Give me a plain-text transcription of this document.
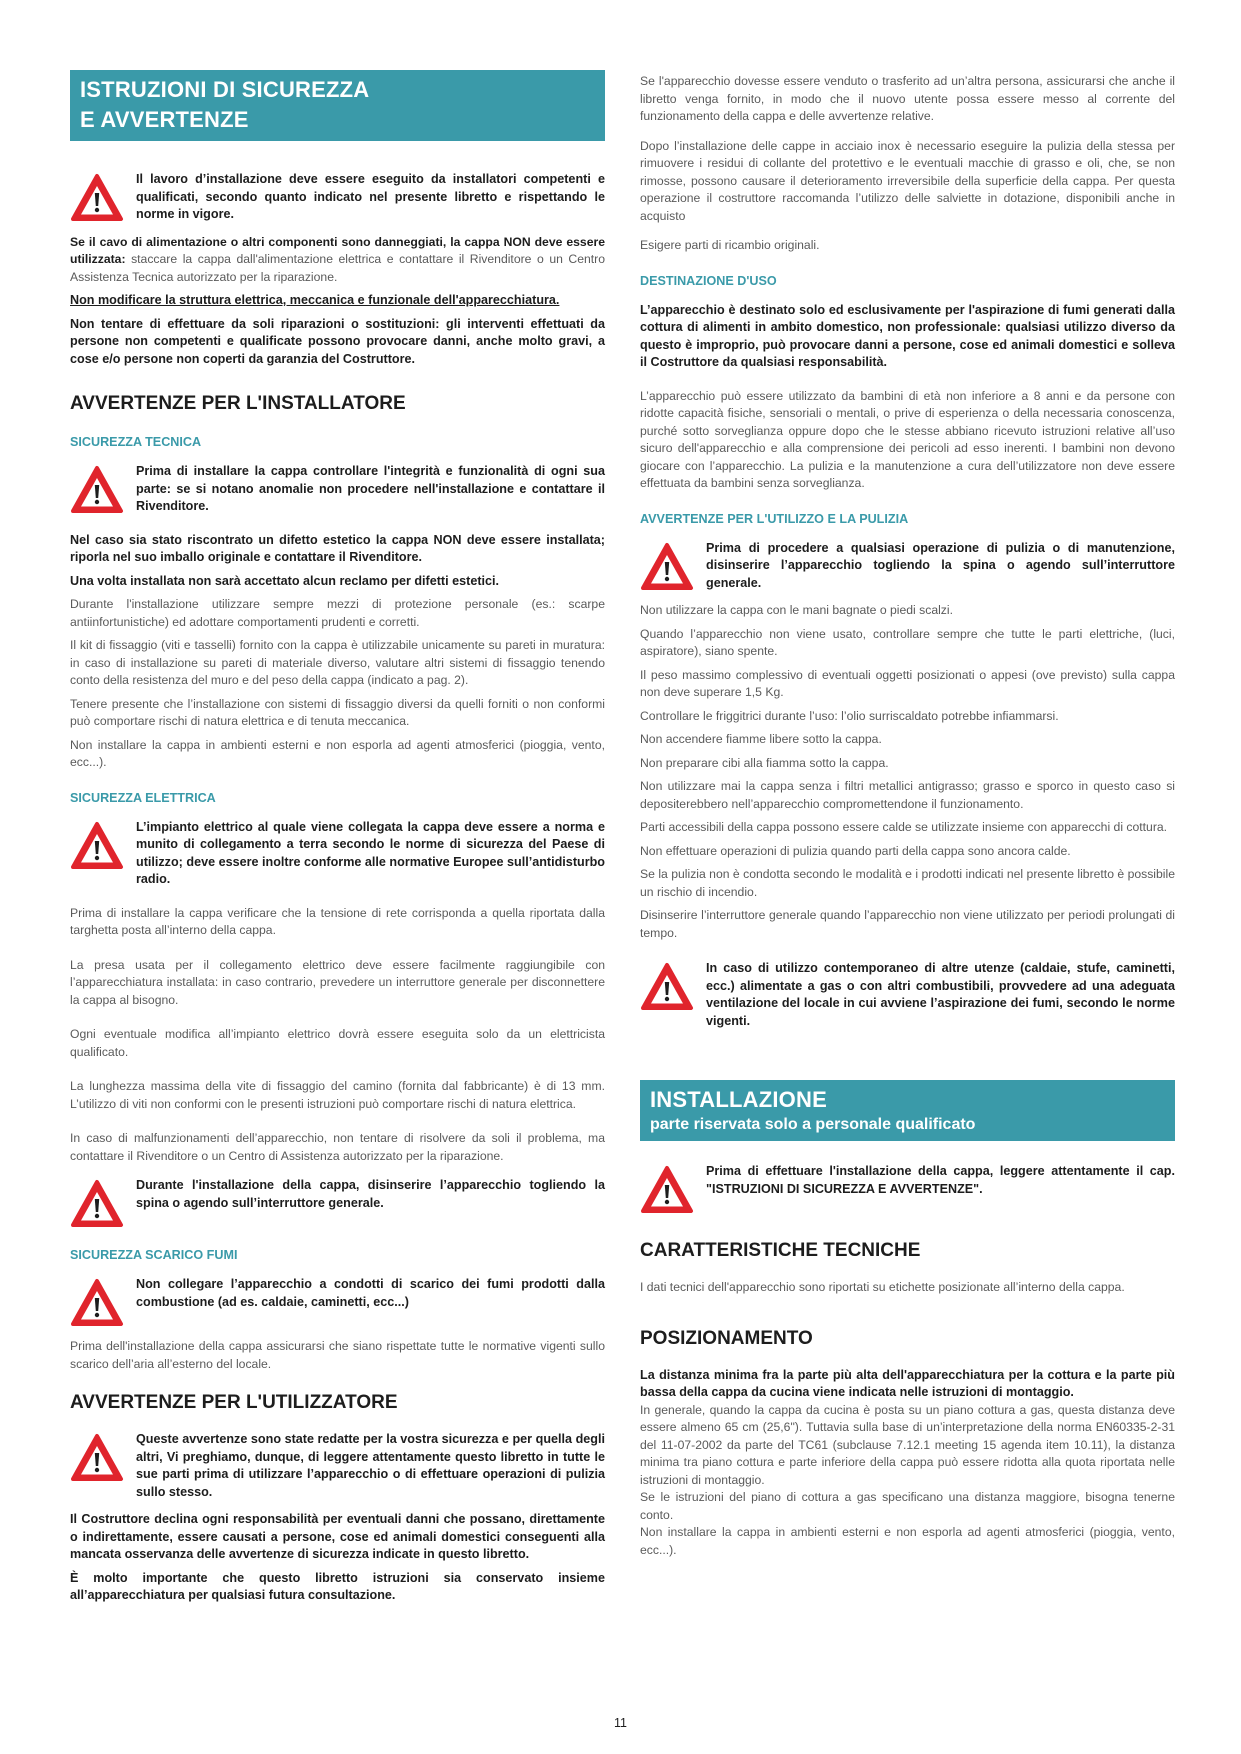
ISTRUZIONI DI SICUREZZA
E AVVERTENZE
Il lavoro d’installazione deve essere eseguito da installatori competenti e qualificati, secondo quanto indicato nel presente libretto e rispettando le norme in vigore.

Se il cavo di alimentazione o altri componenti sono danneggiati, la cappa NON deve essere utilizzata: staccare la cappa dall'alimentazione elettrica e contattare il Rivenditore o un Centro Assistenza Tecnica autorizzato per la riparazione.

Non modificare la struttura elettrica, meccanica e funzionale dell'apparecchiatura.

Non tentare di effettuare da soli riparazioni o sostituzioni: gli interventi effettuati da persone non competenti e qualificate possono provocare danni, anche molto gravi, a cose e/o persone non coperti da garanzia del Costruttore.

AVVERTENZE PER L'INSTALLATORE
SICUREZZA TECNICA
Prima di installare la cappa controllare l'integrità e funzionalità di ogni sua parte: se si notano anomalie non procedere nell'installazione e contattare il Rivenditore.

Nel caso sia stato riscontrato un difetto estetico la cappa NON deve essere installata; riporla nel suo imballo originale e contattare il Rivenditore.

Una volta installata non sarà accettato alcun reclamo per difetti estetici.

Durante l'installazione utilizzare sempre mezzi di protezione personale (es.: scarpe antiinfortunistiche) ed adottare comportamenti prudenti e corretti.

Il kit di fissaggio (viti e tasselli) fornito con la cappa è utilizzabile unicamente su pareti in muratura: in caso di installazione su pareti di materiale diverso, valutare altri sistemi di fissaggio tenendo conto della resistenza del muro e del peso della cappa (indicato a pag. 2).

Tenere presente che l’installazione con sistemi di fissaggio diversi da quelli forniti o non conformi può comportare rischi di natura elettrica e di tenuta meccanica.

Non installare la cappa in ambienti esterni e non esporla ad agenti atmosferici (pioggia, vento, ecc...).

SICUREZZA ELETTRICA
L’impianto elettrico al quale viene collegata la cappa deve essere a norma e munito di collegamento a terra secondo le norme di sicurezza del Paese di utilizzo; deve essere inoltre conforme alle normative Europee sull’antidisturbo radio.

Prima di installare la cappa verificare che la tensione di rete corrisponda a quella riportata dalla targhetta posta all’interno della cappa.

La presa usata per il collegamento elettrico deve essere facilmente raggiungibile con l’apparecchiatura installata: in caso contrario, prevedere un interruttore generale per disconnettere la cappa al bisogno.

Ogni eventuale modifica all’impianto elettrico dovrà essere eseguita solo da un elettricista qualificato.

La lunghezza massima della vite di fissaggio del camino (fornita dal fabbricante) è di 13 mm. L’utilizzo di viti non conformi con le presenti istruzioni può comportare rischi di natura elettrica.

In caso di malfunzionamenti dell’apparecchio, non tentare di risolvere da soli il problema, ma contattare il Rivenditore o un Centro di Assistenza autorizzato per la riparazione.

Durante l'installazione della cappa, disinserire l’apparecchio togliendo la spina o agendo sull’interruttore generale.
SICUREZZA SCARICO FUMI
Non collegare l’apparecchio a condotti di scarico dei fumi prodotti dalla combustione (ad es. caldaie, caminetti, ecc...)

Prima dell'installazione della cappa assicurarsi che siano rispettate tutte le normative vigenti sullo scarico dell’aria all’esterno del locale.

AVVERTENZE PER L'UTILIZZATORE
Queste avvertenze sono state redatte per la vostra sicurezza e per quella degli altri, Vi preghiamo, dunque, di leggere attentamente questo libretto in tutte le sue parti prima di utilizzare l’apparecchio o di effettuare operazioni di pulizia sullo stesso.

Il Costruttore declina ogni responsabilità per eventuali danni che possano, direttamente o indirettamente, essere causati a persone, cose ed animali domestici conseguenti alla mancata osservanza delle avvertenze di sicurezza indicate in questo libretto.

È molto importante che questo libretto istruzioni sia conservato insieme all’apparecchiatura per qualsiasi futura consultazione.

Se l'apparecchio dovesse essere venduto o trasferito ad un’altra persona, assicurarsi che anche il libretto venga fornito, in modo che il nuovo utente possa essere messo al corrente del funzionamento della cappa e delle avvertenze relative.

Dopo l’installazione delle cappe in acciaio inox è necessario eseguire la pulizia della stessa per rimuovere i residui di collante del protettivo e le eventuali macchie di grasso e oli, che, se non rimosse, possono causare il deterioramento irreversibile della superficie della cappa. Per questa operazione il costruttore raccomanda l’utilizzo delle salviette in dotazione, disponibili anche in acquisto

Esigere parti di ricambio originali.

DESTINAZIONE D'USO

L’apparecchio è destinato solo ed esclusivamente per l'aspirazione di fumi generati dalla cottura di alimenti in ambito domestico, non professionale: qualsiasi utilizzo diverso da questo è improprio, può provocare danni a persone, cose ed animali domestici e solleva il Costruttore da qualsiasi responsabilità.

L’apparecchio può essere utilizzato da bambini di età non inferiore a 8 anni e da persone con ridotte capacità fisiche, sensoriali o mentali, o prive di esperienza o della necessaria conoscenza, purché sotto sorveglianza oppure dopo che le stesse abbiano ricevuto istruzioni relative all’uso sicuro dell'apparecchio e alla comprensione dei pericoli ad esso inerenti. I bambini non devono giocare con l’apparecchio. La pulizia e la manutenzione a cura dell’utilizzatore non deve essere effettuata da bambini senza sorveglianza.

AVVERTENZE PER L'UTILIZZO E LA PULIZIA
Prima di procedere a qualsiasi operazione di pulizia o di manutenzione, disinserire l’apparecchio togliendo la spina o agendo sull’interruttore generale.

Non utilizzare la cappa con le mani bagnate o piedi scalzi.

Quando l’apparecchio non viene usato, controllare sempre che tutte le parti elettriche, (luci, aspiratore), siano spente.

Il peso massimo complessivo di eventuali oggetti posizionati o appesi (ove previsto) sulla cappa non deve superare 1,5 Kg.

Controllare le friggitrici durante l’uso: l’olio surriscaldato potrebbe infiammarsi.

Non accendere fiamme libere sotto la cappa.

Non preparare cibi alla fiamma sotto la cappa.

Non utilizzare mai la cappa senza i filtri metallici antigrasso; grasso e sporco in questo caso si depositerebbero nell’apparecchio compromettendone il funzionamento.

Parti accessibili della cappa possono essere calde se utilizzate insieme con apparecchi di cottura.

Non effettuare operazioni di pulizia quando parti della cappa sono ancora calde.

Se la pulizia non è condotta secondo le modalità e i prodotti indicati nel presente libretto è possibile un rischio di incendio.

Disinserire l’interruttore generale quando l’apparecchio non viene utilizzato per periodi prolungati di tempo.

In caso di utilizzo contemporaneo di altre utenze (caldaie, stufe, caminetti, ecc.) alimentate a gas o con altri combustibili, provvedere ad una adeguata ventilazione del locale in cui avviene l’aspirazione dei fumi, secondo le norme vigenti.
INSTALLAZIONE
parte riservata solo a personale qualificato
Prima di effettuare l'installazione della cappa, leggere attentamente il cap. "ISTRUZIONI DI SICUREZZA E AVVERTENZE".
CARATTERISTICHE TECNICHE

I dati tecnici dell'apparecchio sono riportati su etichette posizionate all’interno della cappa.

POSIZIONAMENTO

La distanza minima fra la parte più alta dell'apparecchiatura per la cottura e la parte più bassa della cappa da cucina viene indicata nelle istruzioni di montaggio.

In generale, quando la cappa da cucina è posta su un piano cottura a gas, questa distanza deve essere almeno 65 cm (25,6"). Tuttavia sulla base di un’interpretazione della norma EN60335-2-31 del 11-07-2002 da parte del TC61 (subclause 7.12.1 meeting 15 agenda item 10.11), la distanza minima tra piano cottura e parte inferiore della cappa può essere ridotta alla quota riportata nelle istruzioni di montaggio.

Se le istruzioni del piano di cottura a gas specificano una distanza maggiore, bisogna tenerne conto.

Non installare la cappa in ambienti esterni e non esporla ad agenti atmosferici (pioggia, vento, ecc...).

11
